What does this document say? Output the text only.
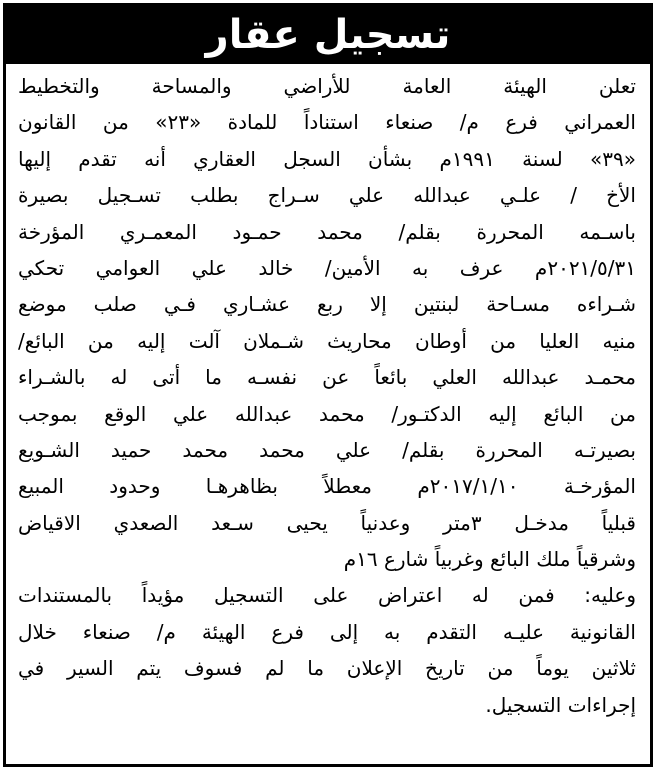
تسجيل عقار
تعلن الهيئة العامة للأراضي والمساحة والتخطيط
العمراني فرع م/ صنعاء استناداً للمادة «٢٣» من القانون
«٣٩» لسنة ١٩٩١م بشأن السجل العقاري أنه تقدم إليها
الأخ / علـي عبدالله علي سـراج بطلب تسـجيل بصيرة
باسـمه المحررة بقلم/ محمد حمـود المعمـري المؤرخة
٢٠٢١/٥/٣١م عرف به الأمين/ خالد علي العوامي تحكي
شـراءه مسـاحة لبنتين إلا ربع عشـاري فـي صلب موضع
منيه العليا من أوطان محاريث شـملان آلت إليه من البائع/
محمـد عبدالله العلي بائعاً عن نفسـه ما أتى له بالشـراء
من البائع إليه الدكتـور/ محمد عبدالله علي الوقع بموجب
بصيرتـه المحررة بقلم/ علي محمد محمد حميد الشـويع
المؤرخـة ٢٠١٧/١/١٠م معطلاً بظاهرهـا وحدود المبيع
قبلياً مدخـل ٣متر وعدنياً يحيى سـعد الصعدي الاقياض
وشرقياً ملك البائع وغربياً شارع ١٦م
وعليه: فمن له اعتراض على التسجيل مؤيداً بالمستندات
القانونية عليـه التقدم به إلى فرع الهيئة م/ صنعاء خلال
ثلاثين يوماً من تاريخ الإعلان ما لم فسوف يتم السير في
إجراءات التسجيل.
